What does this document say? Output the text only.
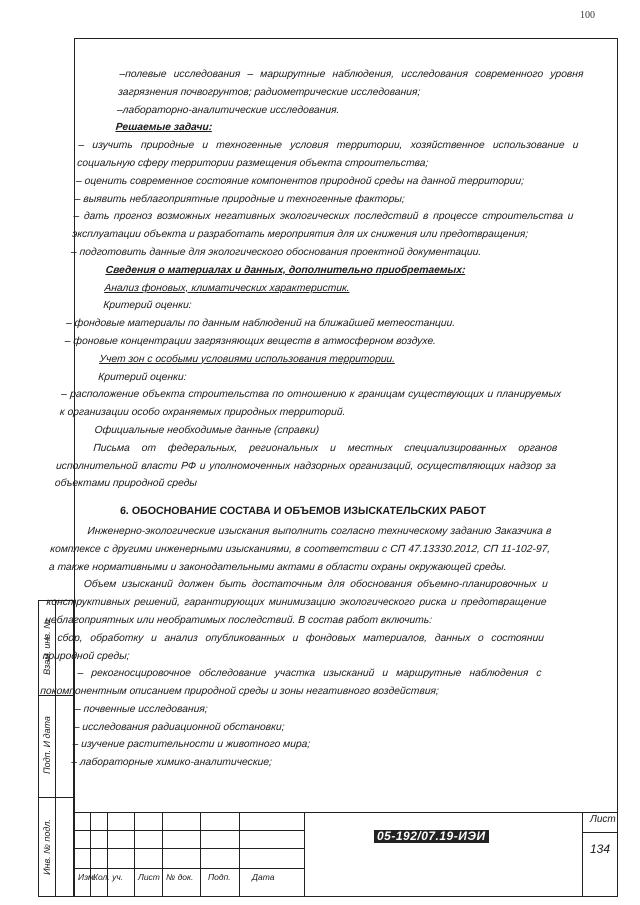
100

–полевые исследования – маршрутные наблюдения, исследования современного уровня загрязнения почвогрунтов; радиометрические исследования;

–лабораторно-аналитические исследования.

Решаемые задачи:

– изучить природные и техногенные условия территории, хозяйственное использование и социальную сферу территории размещения объекта строительства;

– оценить современное состояние компонентов природной среды на данной территории;

– выявить неблагоприятные природные и техногенные факторы;

– дать прогноз возможных негативных экологических последствий в процессе строительства и эксплуатации объекта и разработать мероприятия для их снижения или предотвращения;

– подготовить данные для экологического обоснования проектной документации.

Сведения о материалах и данных, дополнительно приобретаемых:

Анализ фоновых, климатических характеристик.

Критерий оценки:

– фондовые материалы по данным наблюдений на ближайшей метеостанции.

– фоновые концентрации загрязняющих веществ в атмосферном воздухе.

Учет зон с особыми условиями использования территории.

Критерий оценки:

– расположение объекта строительства по отношению к границам существующих и планируемых к организации особо охраняемых природных территорий.

Официальные необходимые данные (справки)

Письма от федеральных, региональных и местных специализированных органов исполнительной власти РФ и уполномоченных надзорных организаций, осуществляющих надзор за объектами природной среды

6. ОБОСНОВАНИЕ СОСТАВА И ОБЪЕМОВ ИЗЫСКАТЕЛЬСКИХ РАБОТ

Инженерно-экологические изыскания выполнить согласно техническому заданию Заказчика в комплексе с другими инженерными изысканиями, в соответствии с СП 47.13330.2012, СП 11-102-97, а также нормативными и законодательными актами в области охраны окружающей среды.

Объем изысканий должен быть достаточным для обоснования объемно-планировочных и конструктивных решений, гарантирующих минимизацию экологического риска и предотвращение неблагоприятных или необратимых последствий. В состав работ включить:

– сбор, обработку и анализ опубликованных и фондовых материалов, данных о состоянии природной среды;

– рекогносцировочное обследование участка изысканий и маршрутные наблюдения с покомпонентным описанием природной среды и зоны негативного воздействия;

– почвенные исследования;

– исследования радиационной обстановки;

– изучение растительности и животного мира;

– лабораторные химико-аналитические;

Взам. инв. №
Подп. И дата
Инв. № подл.
Изм.
Кол. уч. Лист № док. Подп.	Дата
05-192/07.19-ИЭИ
Лист
134
